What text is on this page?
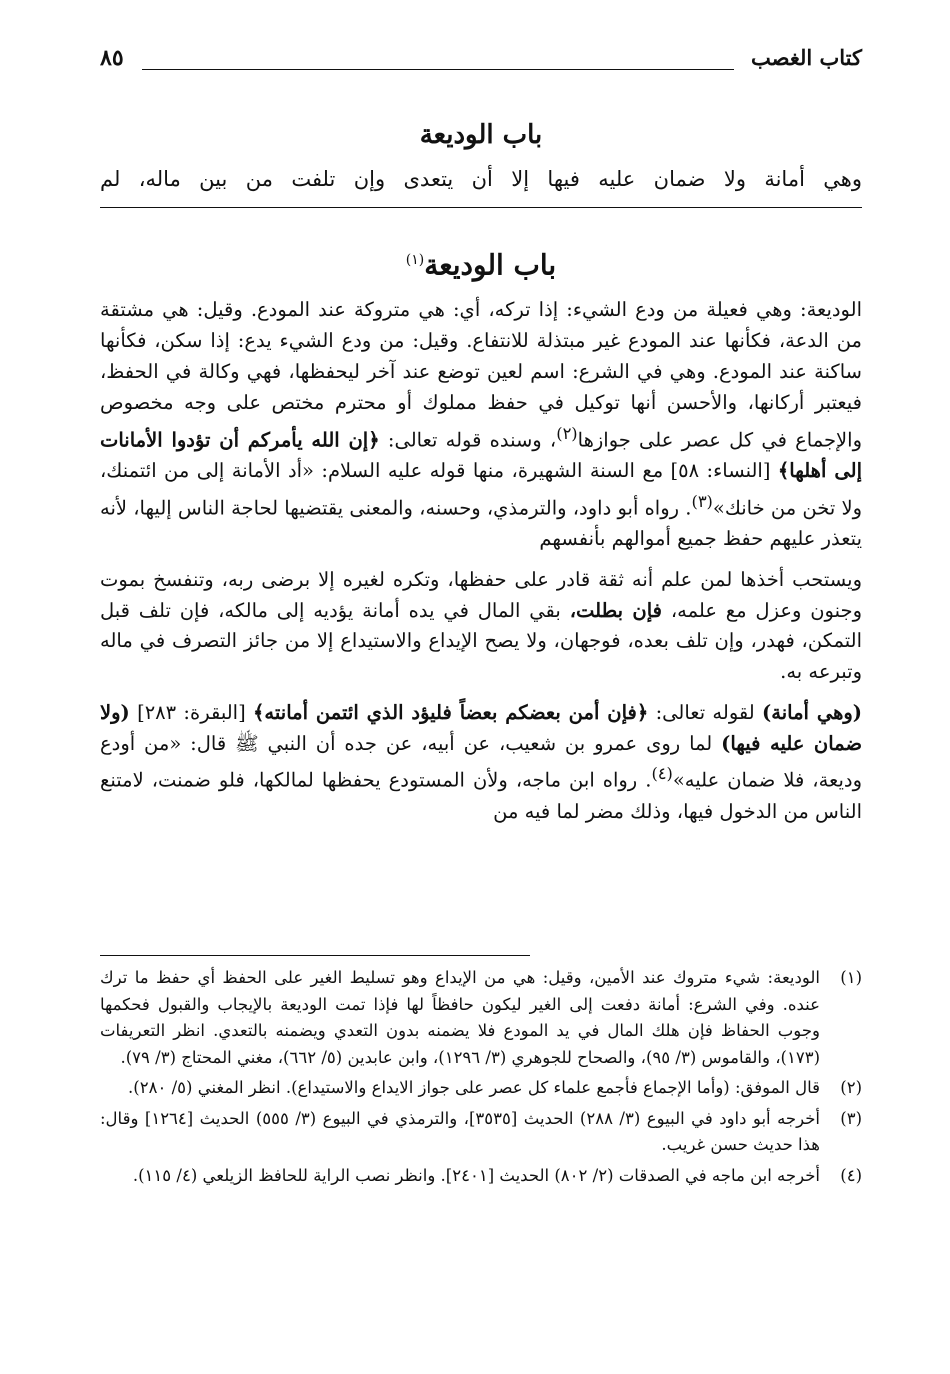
كتاب الغصب
٨٥
باب الوديعة

وهي أمانة ولا ضمان عليه فيها إلا أن يتعدى وإن تلفت من بين ماله، لم

باب الوديعة$^{(١)}$

الوديعة: وهي فعيلة من ودع الشيء: إذا تركه، أي: هي متروكة عند المودع. وقيل: هي مشتقة من الدعة، فكأنها عند المودع غير مبتذلة للانتفاع. وقيل: من ودع الشيء يدع: إذا سكن، فكأنها ساكنة عند المودع. وهي في الشرع: اسم لعين توضع عند آخر ليحفظها، فهي وكالة في الحفظ، فيعتبر أركانها، والأحسن أنها توكيل في حفظ مملوك أو محترم مختص على وجه مخصوص والإجماع في كل عصر على جوازها$^{(٢)}$، وسنده قوله تعالى: ﴿إن الله يأمركم أن تؤدوا الأمانات إلى أهلها﴾ [النساء: ٥٨] مع السنة الشهيرة، منها قوله عليه السلام: «أد الأمانة إلى من ائتمنك، ولا تخن من خانك»$^{(٣)}$. رواه أبو داود، والترمذي، وحسنه، والمعنى يقتضيها لحاجة الناس إليها، لأنه يتعذر عليهم حفظ جميع أموالهم بأنفسهم

ويستحب أخذها لمن علم أنه ثقة قادر على حفظها، وتكره لغيره إلا برضى ربه، وتنفسخ بموت وجنون وعزل مع علمه، فإن بطلت، بقي المال في يده أمانة يؤديه إلى مالكه، فإن تلف قبل التمكن، فهدر، وإن تلف بعده، فوجهان، ولا يصح الإيداع والاستيداع إلا من جائز التصرف في ماله وتبرعه به.

(وهي أمانة) لقوله تعالى: ﴿فإن أمن بعضكم بعضاً فليؤد الذي ائتمن أمانته﴾ [البقرة: ٢٨٣] (ولا ضمان عليه فيها) لما روى عمرو بن شعيب، عن أبيه، عن جده أن النبي ﷺ قال: «من أودع وديعة، فلا ضمان عليه»$^{(٤)}$. رواه ابن ماجه، ولأن المستودع يحفظها لمالكها، فلو ضمنت، لامتنع الناس من الدخول فيها، وذلك مضر لما فيه من

(١)
الوديعة: شيء متروك عند الأمين، وقيل: هي من الإيداع وهو تسليط الغير على الحفظ أي حفظ ما ترك عنده. وفي الشرع: أمانة دفعت إلى الغير ليكون حافظاً لها فإذا تمت الوديعة بالإيجاب والقبول فحكمها وجوب الحفاظ فإن هلك المال في يد المودع فلا يضمنه بدون التعدي ويضمنه بالتعدي. انظر التعريفات (١٧٣)، والقاموس (٣/ ٩٥)، والصحاح للجوهري (٣/ ١٢٩٦)، وابن عابدين (٥/ ٦٦٢)، مغني المحتاج (٣/ ٧٩).
(٢)
قال الموفق: (وأما الإجماع فأجمع علماء كل عصر على جواز الايداع والاستيداع). انظر المغني (٥/ ٢٨٠).
(٣)
أخرجه أبو داود في البيوع (٣/ ٢٨٨) الحديث [٣٥٣٥]، والترمذي في البيوع (٣/ ٥٥٥) الحديث [١٢٦٤] وقال: هذا حديث حسن غريب.
(٤)
أخرجه ابن ماجه في الصدقات (٢/ ٨٠٢) الحديث [٢٤٠١]. وانظر نصب الراية للحافظ الزيلعي (٤/ ١١٥).
